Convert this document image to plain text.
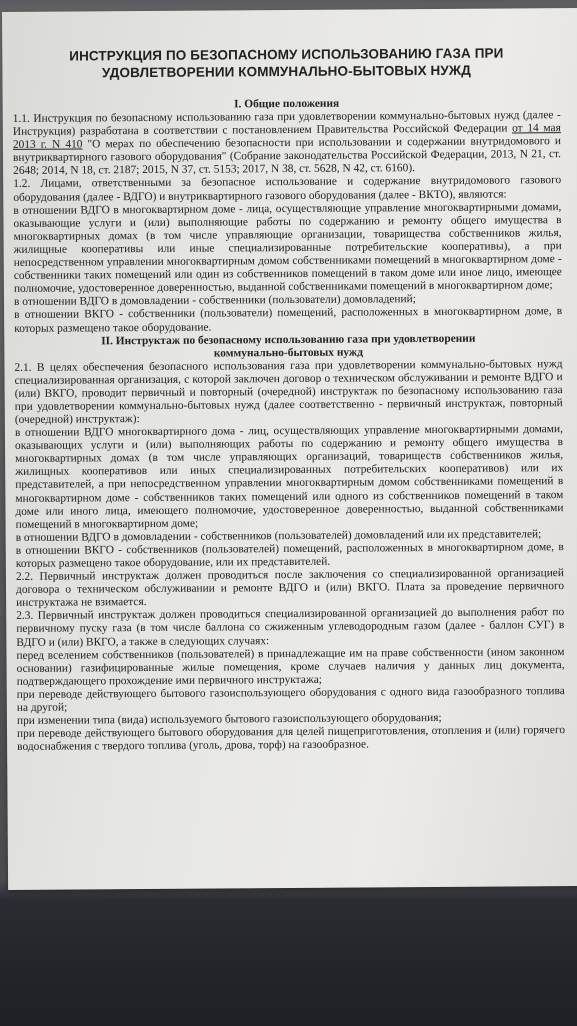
ИНСТРУКЦИЯ ПО БЕЗОПАСНОМУ ИСПОЛЬЗОВАНИЮ ГАЗА ПРИ УДОВЛЕТВОРЕНИИ КОММУНАЛЬНО-БЫТОВЫХ НУЖД

I. Общие положения

1.1. Инструкция по безопасному использованию газа при удовлетворении коммунально-бытовых нужд (далее - Инструкция) разработана в соответствии с постановлением Правительства Российской Федерации от 14 мая 2013 г. N 410 "О мерах по обеспечению безопасности при использовании и содержании внутридомового и внутриквартирного газового оборудования" (Собрание законодательства Российской Федерации, 2013, N 21, ст. 2648; 2014, N 18, ст. 2187; 2015, N 37, ст. 5153; 2017, N 38, ст. 5628, N 42, ст. 6160).

1.2. Лицами, ответственными за безопасное использование и содержание внутридомового газового оборудования (далее - ВДГО) и внутриквартирного газового оборудования (далее - ВКТО), являются:

в отношении ВДГО в многоквартирном доме - лица, осуществляющие управление многоквартирными домами, оказывающие услуги и (или) выполняющие работы по содержанию и ремонту общего имущества в многоквартирных домах (в том числе управляющие организации, товарищества собственников жилья, жилищные кооперативы или иные специализированные потребительские кооперативы), а при непосредственном управлении многоквартирным домом собственниками помещений в многоквартирном доме - собственники таких помещений или один из собственников помещений в таком доме или иное лицо, имеющее полномочие, удостоверенное доверенностью, выданной собственниками помещений в многоквартирном доме;

в отношении ВДГО в домовладении - собственники (пользователи) домовладений;

в отношении ВКГО - собственники (пользователи) помещений, расположенных в многоквартирном доме, в которых размещено такое оборудование.

II. Инструктаж по безопасному использованию газа при удовлетворении

коммунально-бытовых нужд

2.1. В целях обеспечения безопасного использования газа при удовлетворении коммунально-бытовых нужд специализированная организация, с которой заключен договор о техническом обслуживании и ремонте ВДГО и (или) ВКГО, проводит первичный и повторный (очередной) инструктаж по безопасному использованию газа при удовлетворении коммунально-бытовых нужд (далее соответственно - первичный инструктаж, повторный (очередной) инструктаж):

в отношении ВДГО многоквартирного дома - лиц, осуществляющих управление многоквартирными домами, оказывающих услуги и (или) выполняющих работы по содержанию и ремонту общего имущества в многоквартирных домах (в том числе управляющих организаций, товариществ собственников жилья, жилищных кооперативов или иных специализированных потребительских кооперативов) или их представителей, а при непосредственном управлении многоквартирным домом собственниками помещений в многоквартирном доме - собственников таких помещений или одного из собственников помещений в таком доме или иного лица, имеющего полномочие, удостоверенное доверенностью, выданной собственниками помещений в многоквартирном доме;

в отношении ВДГО в домовладении - собственников (пользователей) домовладений или их представителей;

в отношении ВКГО - собственников (пользователей) помещений, расположенных в многоквартирном доме, в которых размещено такое оборудование, или их представителей.

2.2. Первичный инструктаж должен проводиться после заключения со специализированной организацией договора о техническом обслуживании и ремонте ВДГО и (или) ВКГО. Плата за проведение первичного инструктажа не взимается.

2.3. Первичный инструктаж должен проводиться специализированной организацией до выполнения работ по первичному пуску газа (в том числе баллона со сжиженным углеводородным газом (далее - баллон СУГ) в ВДГО и (или) ВКГО, а также в следующих случаях:

перед вселением собственников (пользователей) в принадлежащие им на праве собственности (ином законном основании) газифицированные жилые помещения, кроме случаев наличия у данных лиц документа, подтверждающего прохождение ими первичного инструктажа;

при переводе действующего бытового газоиспользующего оборудования с одного вида газообразного топлива на другой;

при изменении типа (вида) используемого бытового газоиспользующего оборудования;

при переводе действующего бытового оборудования для целей пищеприготовления, отопления и (или) горячего водоснабжения с твердого топлива (уголь, дрова, торф) на газообразное.
